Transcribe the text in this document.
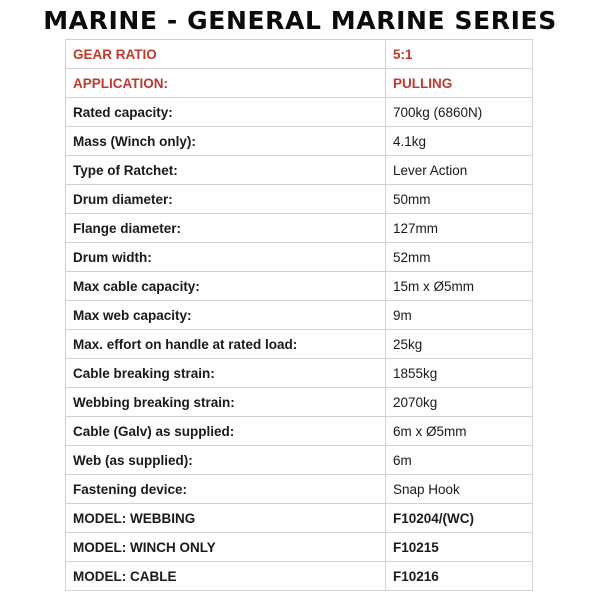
MARINE - GENERAL MARINE SERIES
GEAR RATIO	5:1
APPLICATION:	PULLING
Rated capacity:	700kg (6860N)
Mass (Winch only):	4.1kg
Type of Ratchet:	Lever Action
Drum diameter:	50mm
Flange diameter:	127mm
Drum width:	52mm
Max cable capacity:	15m x Ø5mm
Max web capacity:	9m
Max. effort on handle at rated load:	25kg
Cable breaking strain:	1855kg
Webbing breaking strain:	2070kg
Cable (Galv) as supplied:	6m x Ø5mm
Web (as supplied):	6m
Fastening device:	Snap Hook
MODEL: WEBBING	F10204/(WC)
MODEL: WINCH ONLY	F10215
MODEL: CABLE	F10216
